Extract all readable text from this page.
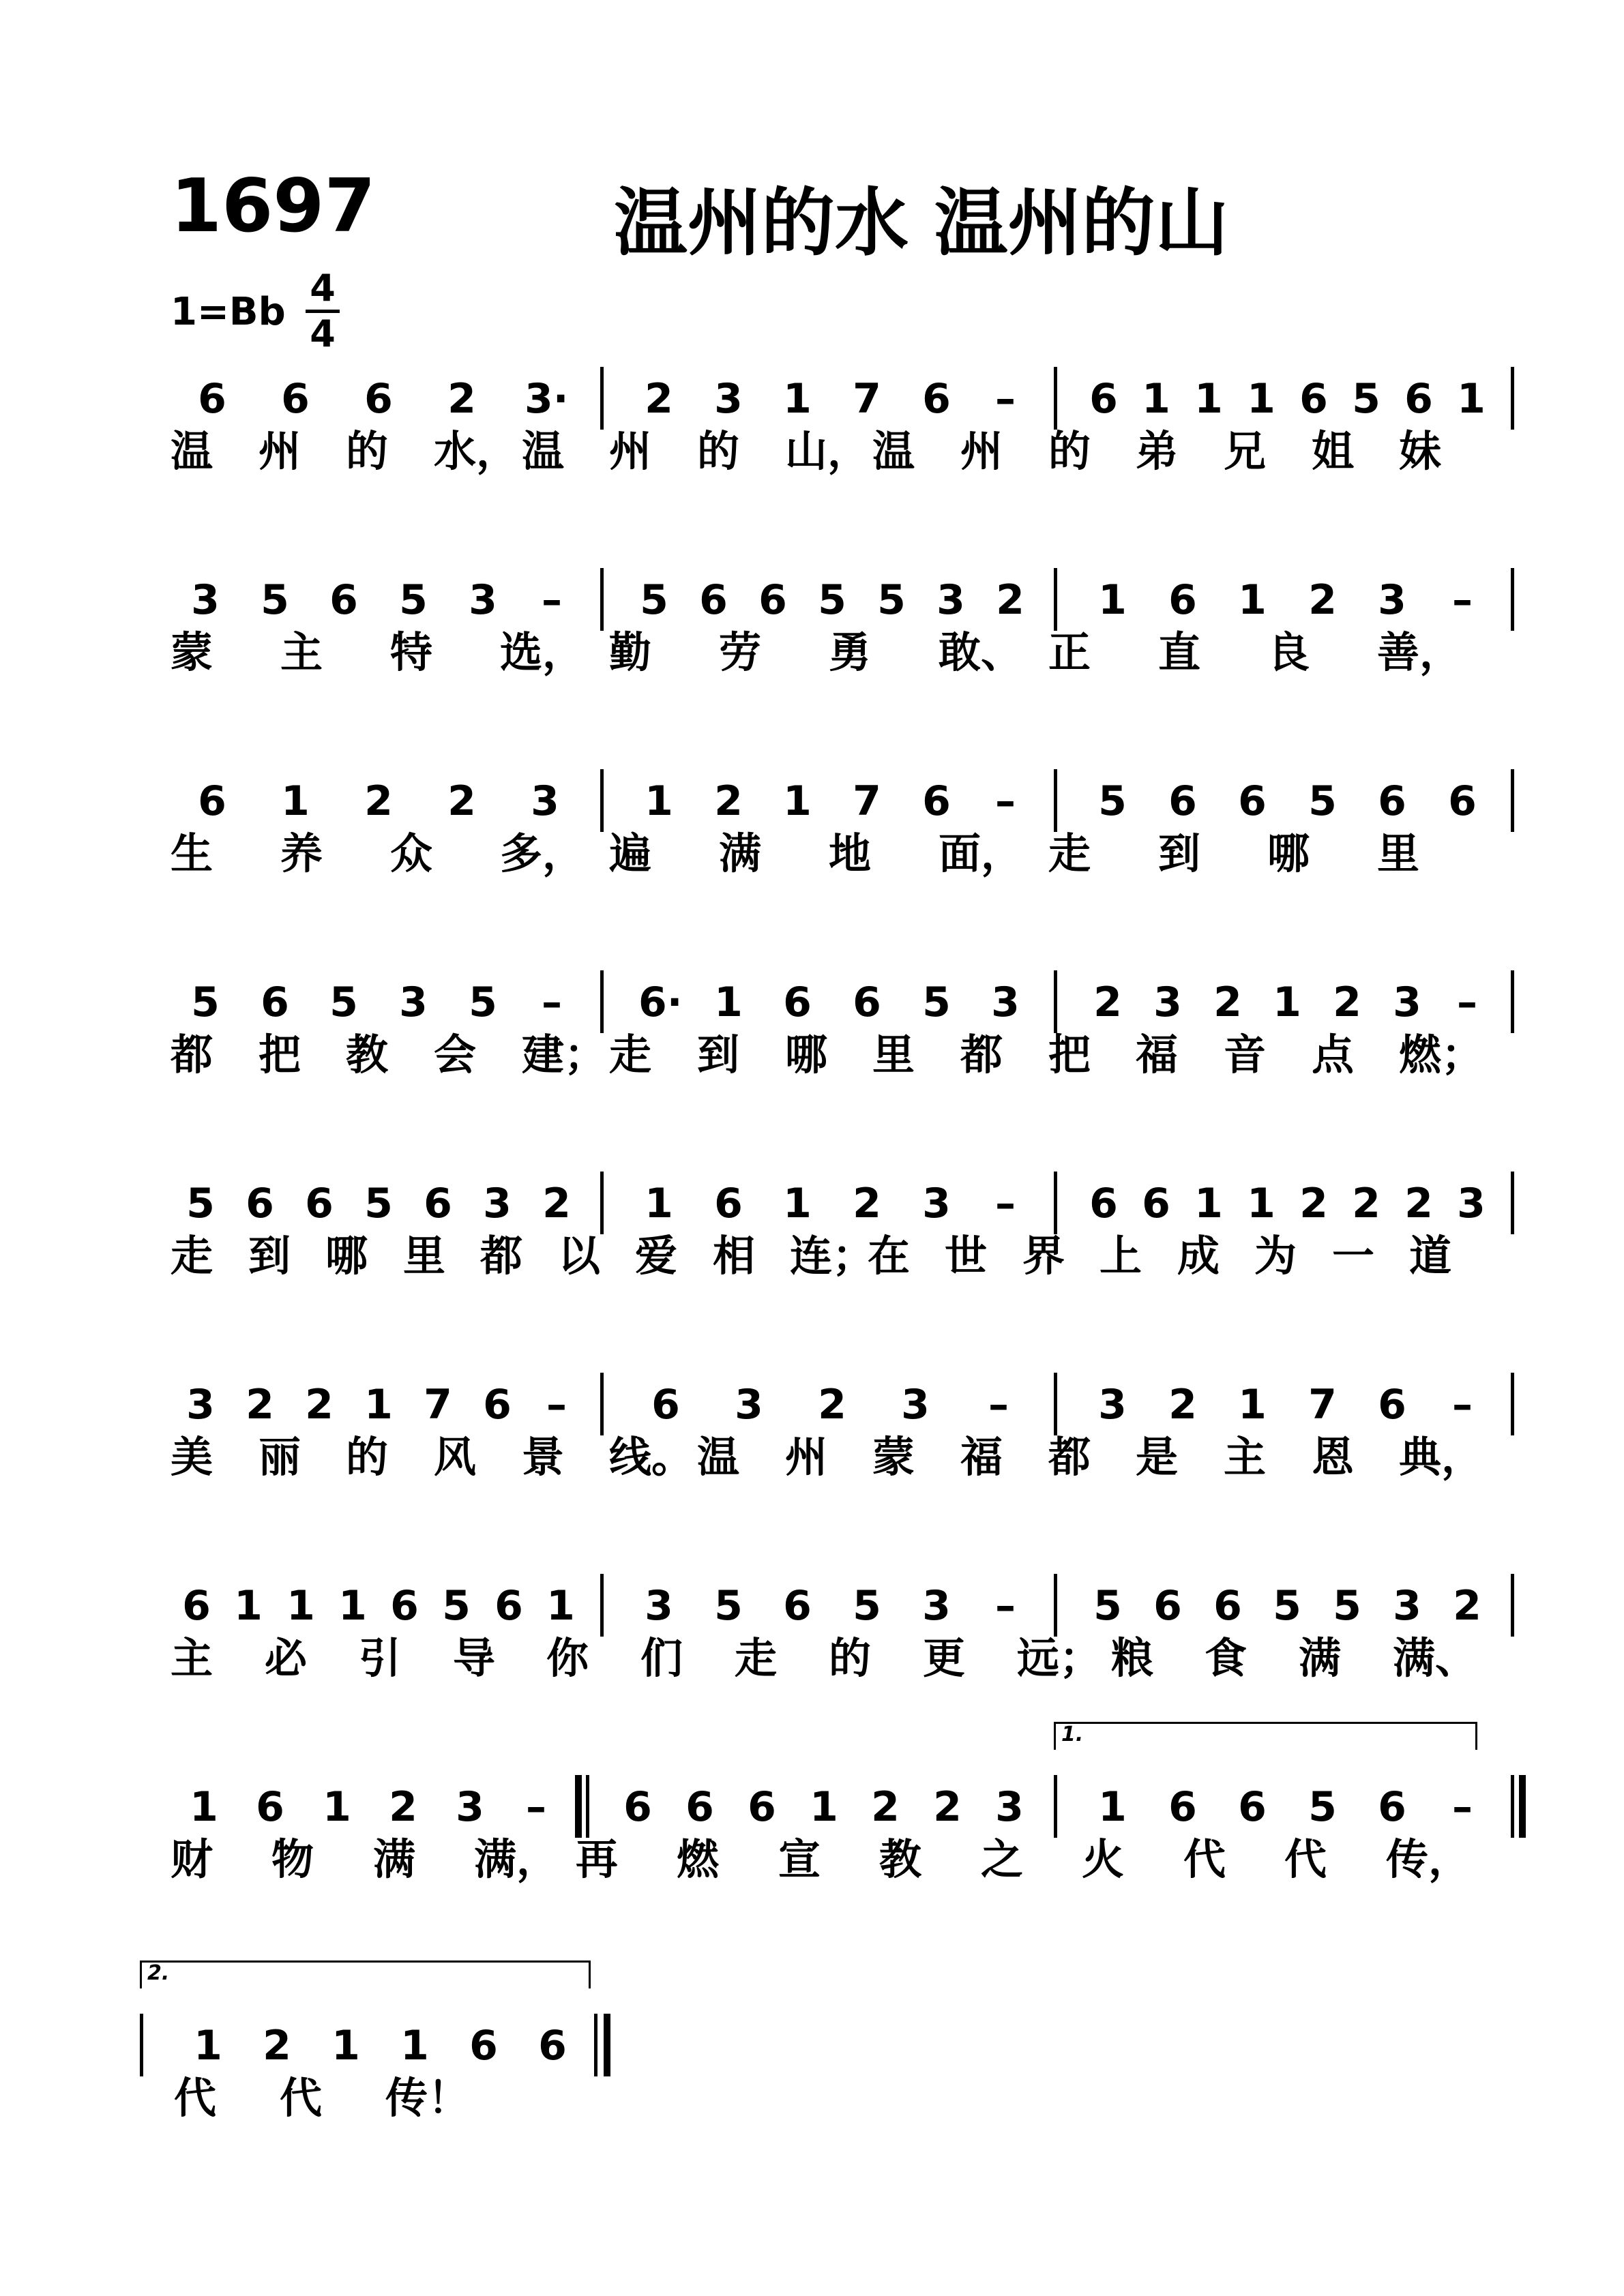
1697	温州的水 温州的山
1=Bb
4
4
6 6 6 2 3· 2 3 1 7 6 – 6 1 1 1 6 5 6 1
温 州 的 水， 温 州 的 山， 温 州 的 弟 兄 姐 妹
3 5 6 5 3 – 5 6 6 5 5 3 2 1 6 1 2 3 –
蒙 主 特 选， 勤 劳 勇 敢、 正 直 良 善，
6 1 2 2 3 1 2 1 7 6 – 5 6 6 5 6 6
生 养 众 多， 遍 满 地 面， 走 到 哪 里
5 6 5 3 5 – 6· 1 6 6 5 3 2 3 2 1 2 3 –
都 把 教 会 建； 走 到 哪 里 都 把 福 音 点 燃；
5 6 6 5 6 3 2 1 6 1 2 3 – 6 6 1 1 2 2 2 3
走 到 哪 里 都 以 爱 相 连；
在 世 界 上 成 为 一 道
3 2 2 1 7 6 – 6 3 2 3 – 3 2 1 7 6 –
美 丽 的 风 景 线。 温 州 蒙 福 都 是 主 恩 典，
6 1 1 1 6 5 6 1 3 5 6 5 3 – 5 6 6 5 5 3 2
主 必 引 导 你 们 走 的 更 远； 粮 食 满 满、
1 6 1 2 3 – 6 6 6 1 2 2 3 1 6 6 5 6 –
1.
财 物 满 满， 再 燃 宣 教 之 火 代 代 传，
1 2 1 1 6 6
2.
代 代 传！
